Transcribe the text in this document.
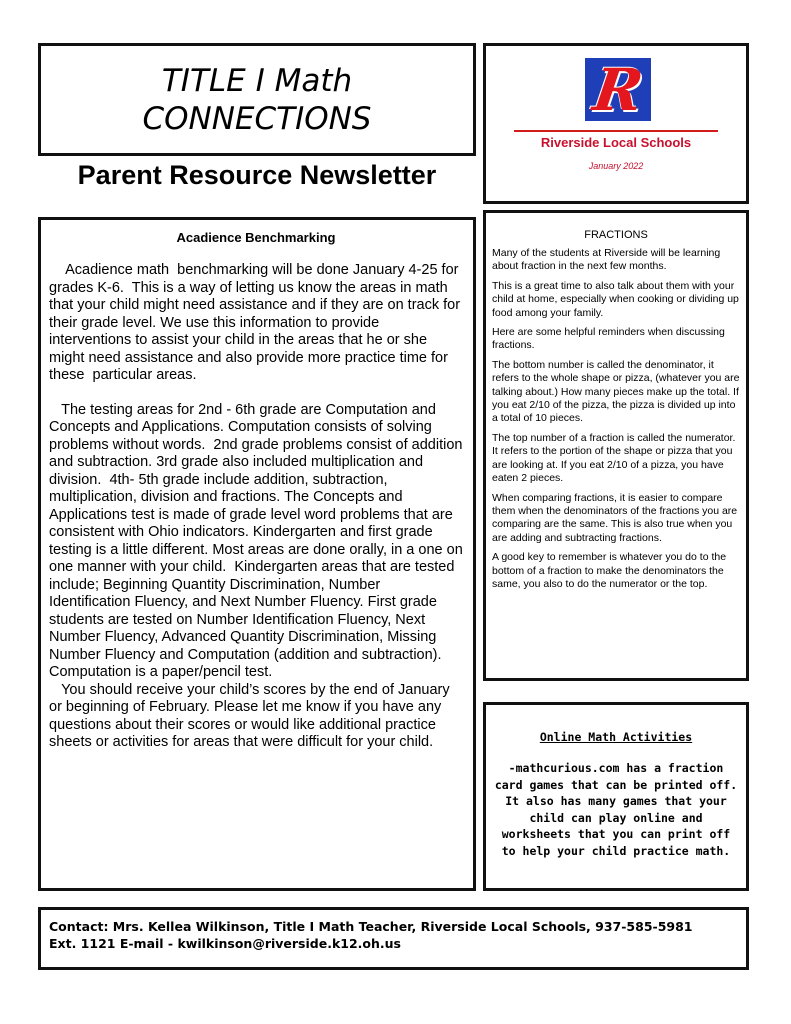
TITLE I Math
CONNECTIONS
Parent Resource Newsletter
R
Riverside Local Schools
January 2022
Acadience Benchmarking

Acadience math  benchmarking will be done January 4-25 for grades K-6.  This is a way of letting us know the areas in math that your child might need assistance and if they are on track for their grade level. We use this information to provide interventions to assist your child in the areas that he or she might need assistance and also provide more practice time for these  particular areas.

The testing areas for 2nd - 6th grade are Computation and Concepts and Applications. Computation consists of solving problems without words.  2nd grade problems consist of addition and subtraction. 3rd grade also included multiplication and division.  4th- 5th grade include addition, subtraction, multiplication, division and fractions. The Concepts and Applications test is made of grade level word problems that are consistent with Ohio indicators. Kindergarten and first grade testing is a little different. Most areas are done orally, in a one on one manner with your child.  Kindergarten areas that are tested include; Beginning Quantity Discrimination, Number Identification Fluency, and Next Number Fluency. First grade students are tested on Number Identification Fluency, Next Number Fluency, Advanced Quantity Discrimination, Missing Number Fluency and Computation (addition and subtraction).  Computation is a paper/pencil test.

You should receive your child’s scores by the end of January or beginning of February. Please let me know if you have any questions about their scores or would like additional practice sheets or activities for areas that were difficult for your child.

FRACTIONS

Many of the students at Riverside will be learning about fraction in the next few months.

This is a great time to also talk about them with your child at home, especially when cooking or dividing up food among your family.

Here are some helpful reminders when discussing fractions.

The bottom number is called the denominator, it refers to the whole shape or pizza, (whatever you are talking about.) How many pieces make up the total. If you eat 2/10 of the pizza, the pizza is divided up into a total of 10 pieces.

The top number of a fraction is called the numerator. It refers to the portion of the shape or pizza that you are looking at. If you eat 2/10 of a pizza, you have eaten 2 pieces.

When comparing fractions, it is easier to compare them when the denominators of the fractions you are comparing are the same. This is also true when you are adding and subtracting fractions.

A good key to remember is whatever you do to the bottom of a fraction to make the denominators the same, you also to do the numerator or the top.

Online Math Activities

-mathcurious.com has a fraction card games that can be printed off. It also has many games that your child can play online and worksheets that you can print off to help your child practice math.

Contact: Mrs. Kellea Wilkinson, Title I Math Teacher, Riverside Local Schools, 937-585-5981

Ext. 1121 E-mail - kwilkinson@riverside.k12.oh.us
